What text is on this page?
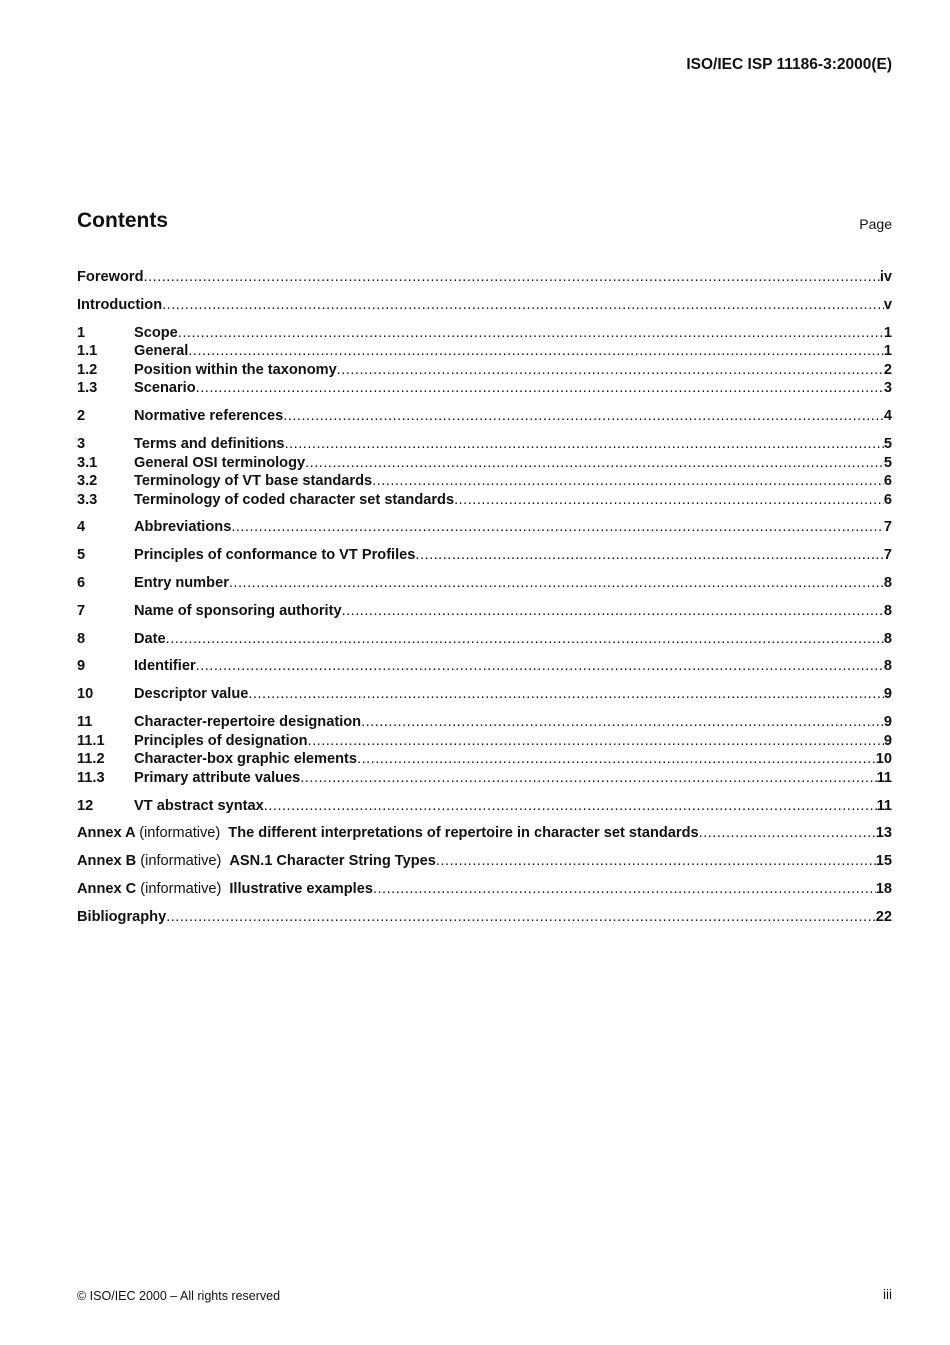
ISO/IEC ISP 11186-3:2000(E)
Contents	Page
Foreword .....	iv
Introduction .....	v
1	Scope .....	1
1.1	General .....	1
1.2	Position within the taxonomy .....	2
1.3	Scenario .....	3
2	Normative references .....	4
3	Terms and definitions .....	5
3.1	General OSI terminology .....	5
3.2	Terminology of VT base standards .....	6
3.3	Terminology of coded character set standards .....	6
4	Abbreviations .....	7
5	Principles of conformance to VT Profiles .....	7
6	Entry number .....	8
7	Name of sponsoring authority .....	8
8	Date .....	8
9	Identifier .....	8
10	Descriptor value .....	9
11	Character-repertoire designation .....	9
11.1	Principles of designation .....	9
11.2	Character-box graphic elements .....	10
11.3	Primary attribute values .....	11
12	VT abstract syntax .....	11
Annex A (informative) The different interpretations of repertoire in character set standards .....	13
Annex B (informative) ASN.1 Character String Types .....	15
Annex C (informative) Illustrative examples .....	18
Bibliography .....	22
© ISO/IEC 2000 – All rights reserved	iii
